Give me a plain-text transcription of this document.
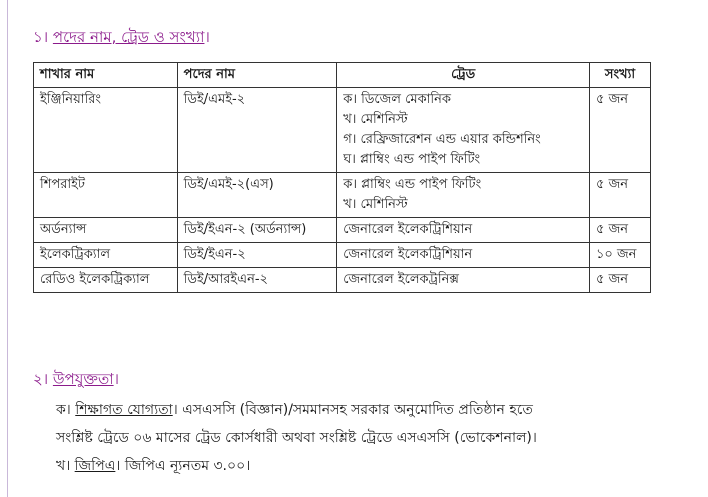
১। পদের নাম, ট্রেড ও সংখ্যা।
শাখার নাম	পদের নাম	ট্রেড	সংখ্যা
ইঞ্জিনিয়ারিং	ডিই/এমই-২	ক। ডিজেল মেকানিক
খ। মেশিনিস্ট
গ। রেফ্রিজারেশন এন্ড এয়ার কন্ডিশনিং
ঘ। প্লাম্বিং এন্ড পাইপ ফিটিং	৫ জন
শিপরাইট	ডিই/এমই-২(এস)	ক। প্লাম্বিং এন্ড পাইপ ফিটিং
খ। মেশিনিস্ট	৫ জন
অর্ডন্যান্স	ডিই/ইএন-২ (অর্ডন্যান্স)	জেনারেল ইলেকট্রিশিয়ান	৫ জন
ইলেকট্রিক্যাল	ডিই/ইএন-২	জেনারেল ইলেকট্রিশিয়ান	১০ জন
রেডিও ইলেকট্রিক্যাল	ডিই/আরইএন-২	জেনারেল ইলেকট্রনিক্স	৫ জন
২। উপযুক্ততা।
ক। শিক্ষাগত যোগ্যতা। এসএসসি (বিজ্ঞান)/সমমানসহ সরকার অনুমোদিত প্রতিষ্ঠান হতে
সংশ্লিষ্ট ট্রেডে ০৬ মাসের ট্রেড কোর্সধারী অথবা সংশ্লিষ্ট ট্রেডে এসএসসি (ভোকেশনাল)।
খ। জিপিএ। জিপিএ ন্যূনতম ৩.০০।
